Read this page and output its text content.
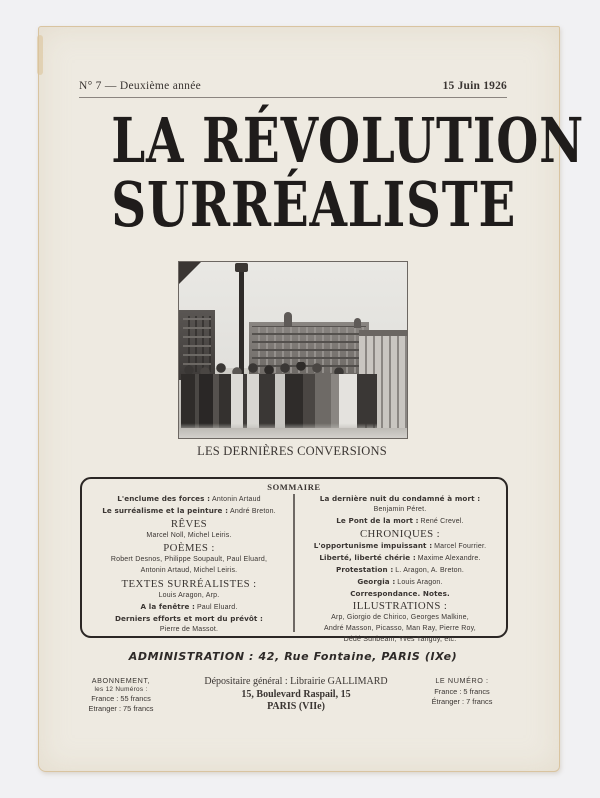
N° 7 — Deuxième année	15 Juin 1926
LA RÉVOLUTION
SURRÉALISTE
LES DERNIÈRES CONVERSIONS
SOMMAIRE
L'enclume des forces : Antonin Artaud
Le surréalisme et la peinture : André Breton.
RÊVES
Marcel Noll, Michel Leiris.
POÈMES :
Robert Desnos, Philippe Soupault, Paul Eluard,
Antonin Artaud, Michel Leiris.
TEXTES SURRÉALISTES :
Louis Aragon, Arp.
A la fenêtre : Paul Eluard.
Derniers efforts et mort du prévôt :
Pierre de Massot.
La dernière nuit du condamné à mort :
Benjamin Péret.
Le Pont de la mort : René Crevel.
CHRONIQUES :
L'opportunisme impuissant : Marcel Fourrier.
Liberté, liberté chérie : Maxime Alexandre.
Protestation : L. Aragon, A. Breton.
Georgia : Louis Aragon.
Correspondance. Notes.
ILLUSTRATIONS :
Arp, Giorgio de Chirico, Georges Malkine,
André Masson, Picasso, Man Ray, Pierre Roy,
Dédé Sunbeam, Yves Tanguy, etc.
ADMINISTRATION : 42, Rue Fontaine, PARIS (IXe)
ABONNEMENT,
les 12 Numéros :
France : 55 francs
Etranger : 75 francs
Dépositaire général : Librairie GALLIMARD
15, Boulevard Raspail, 15
PARIS (VIIe)
LE NUMÉRO :
France : 5 francs
Étranger : 7 francs
